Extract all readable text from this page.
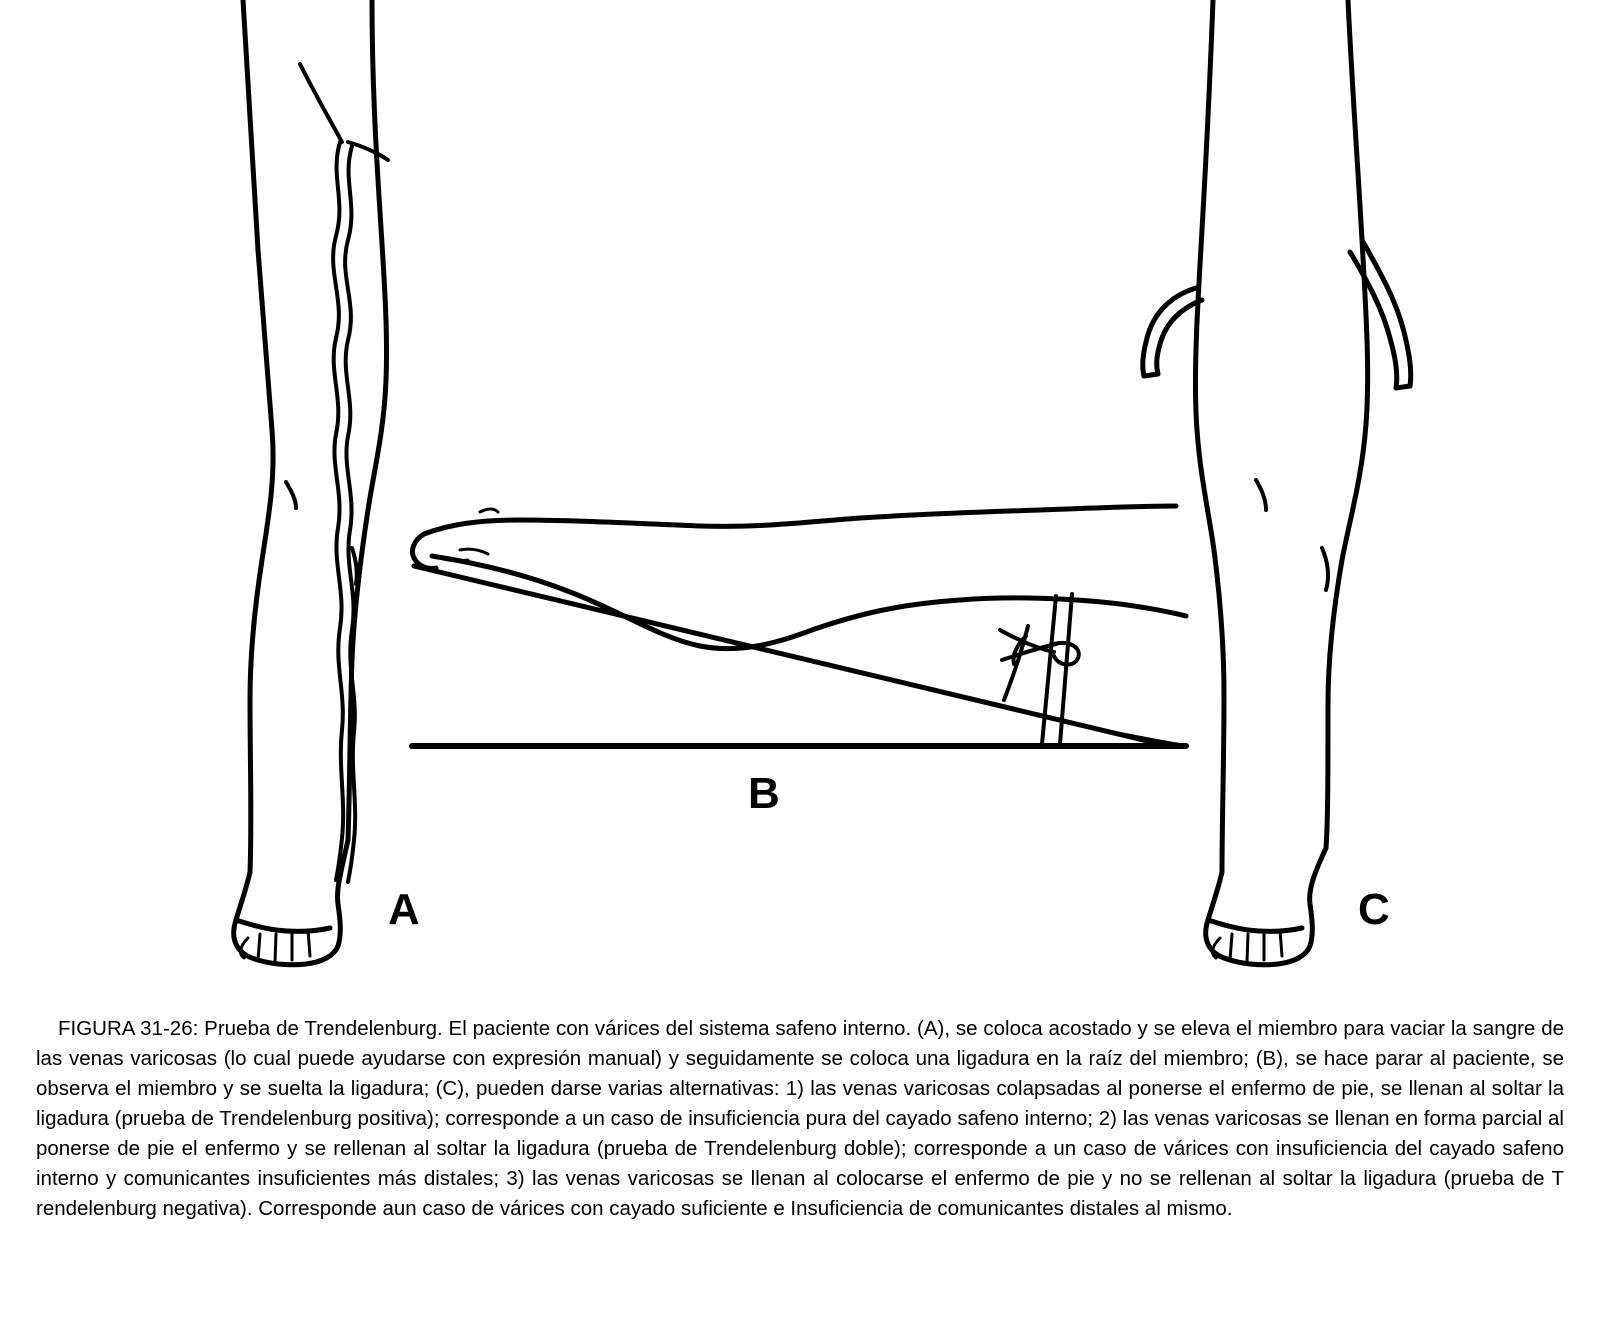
A
B
C
FIGURA 31-26: Prueba de Trendelenburg. El paciente con várices del sistema safeno interno. (A), se coloca acostado y se eleva el miembro para vaciar la sangre de las venas varicosas (lo cual puede ayudarse con expresión manual) y seguidamente se coloca una ligadura en la raíz del miembro; (B), se hace parar al paciente, se observa el miembro y se suelta la ligadura; (C), pueden darse varias alternativas: 1) las venas varicosas colapsadas al ponerse el enfermo de pie, se llenan al soltar la ligadura (prueba de Trendelenburg positiva); corresponde a un caso de insuficiencia pura del cayado safeno interno; 2) las venas varicosas se llenan en forma parcial al ponerse de pie el enfermo y se rellenan al soltar la ligadura (prueba de Trendelenburg doble); corresponde a un caso de várices con insuficiencia del cayado safeno interno y comunicantes insuficientes más distales; 3) las venas varicosas se llenan al colocarse el enfermo de pie y no se rellenan al soltar la ligadura (prueba de T rendelenburg negativa). Corresponde aun caso de várices con cayado suficiente e Insuficiencia de comunicantes distales al mismo.
